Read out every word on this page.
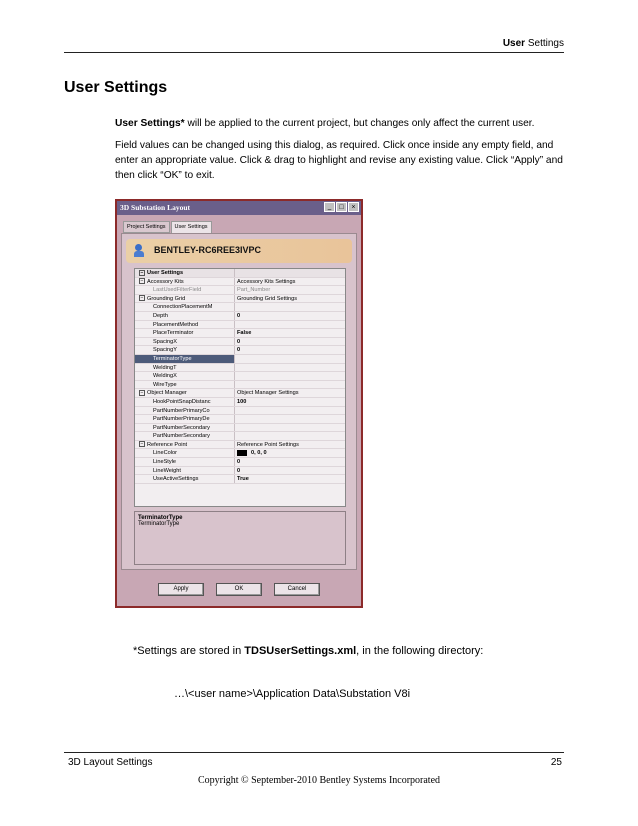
User Settings
User Settings
User Settings* will be applied to the current project, but changes only affect the current user.
Field values can be changed using this dialog, as required. Click once inside any empty field, and enter an appropriate value. Click & drag to highlight and revise any existing value. Click “Apply” and then click “OK” to exit.
3D Substation Layout	_	□	×
Project Settings	User Settings
BENTLEY-RC6REE3IVPC
− User Settings
− Accessory Kits	Accessory Kits Settings
LastUsedFilterField	Part_Number
− Grounding Grid	Grounding Grid Settings
ConnectionPlacementM
Depth	0
PlacementMethod
PlaceTerminator	False
SpacingX	0
SpacingY	0
TerminatorType
WeldingT
WeldingX
WireType
− Object Manager	Object Manager Settings
HookPointSnapDistanc	100
PartNumberPrimaryCo
PartNumberPrimaryDe
PartNumberSecondary
PartNumberSecondary
− Reference Point	Reference Point Settings
LineColor	0, 0, 0
LineStyle	0
LineWeight	0
UseActiveSettings	True
TerminatorType
TerminatorType
Apply	OK	Cancel
*Settings are stored in TDSUserSettings.xml, in the following directory:
…\<user name>\Application Data\Substation V8i
3D Layout Settings	25
Copyright © September-2010 Bentley Systems Incorporated
